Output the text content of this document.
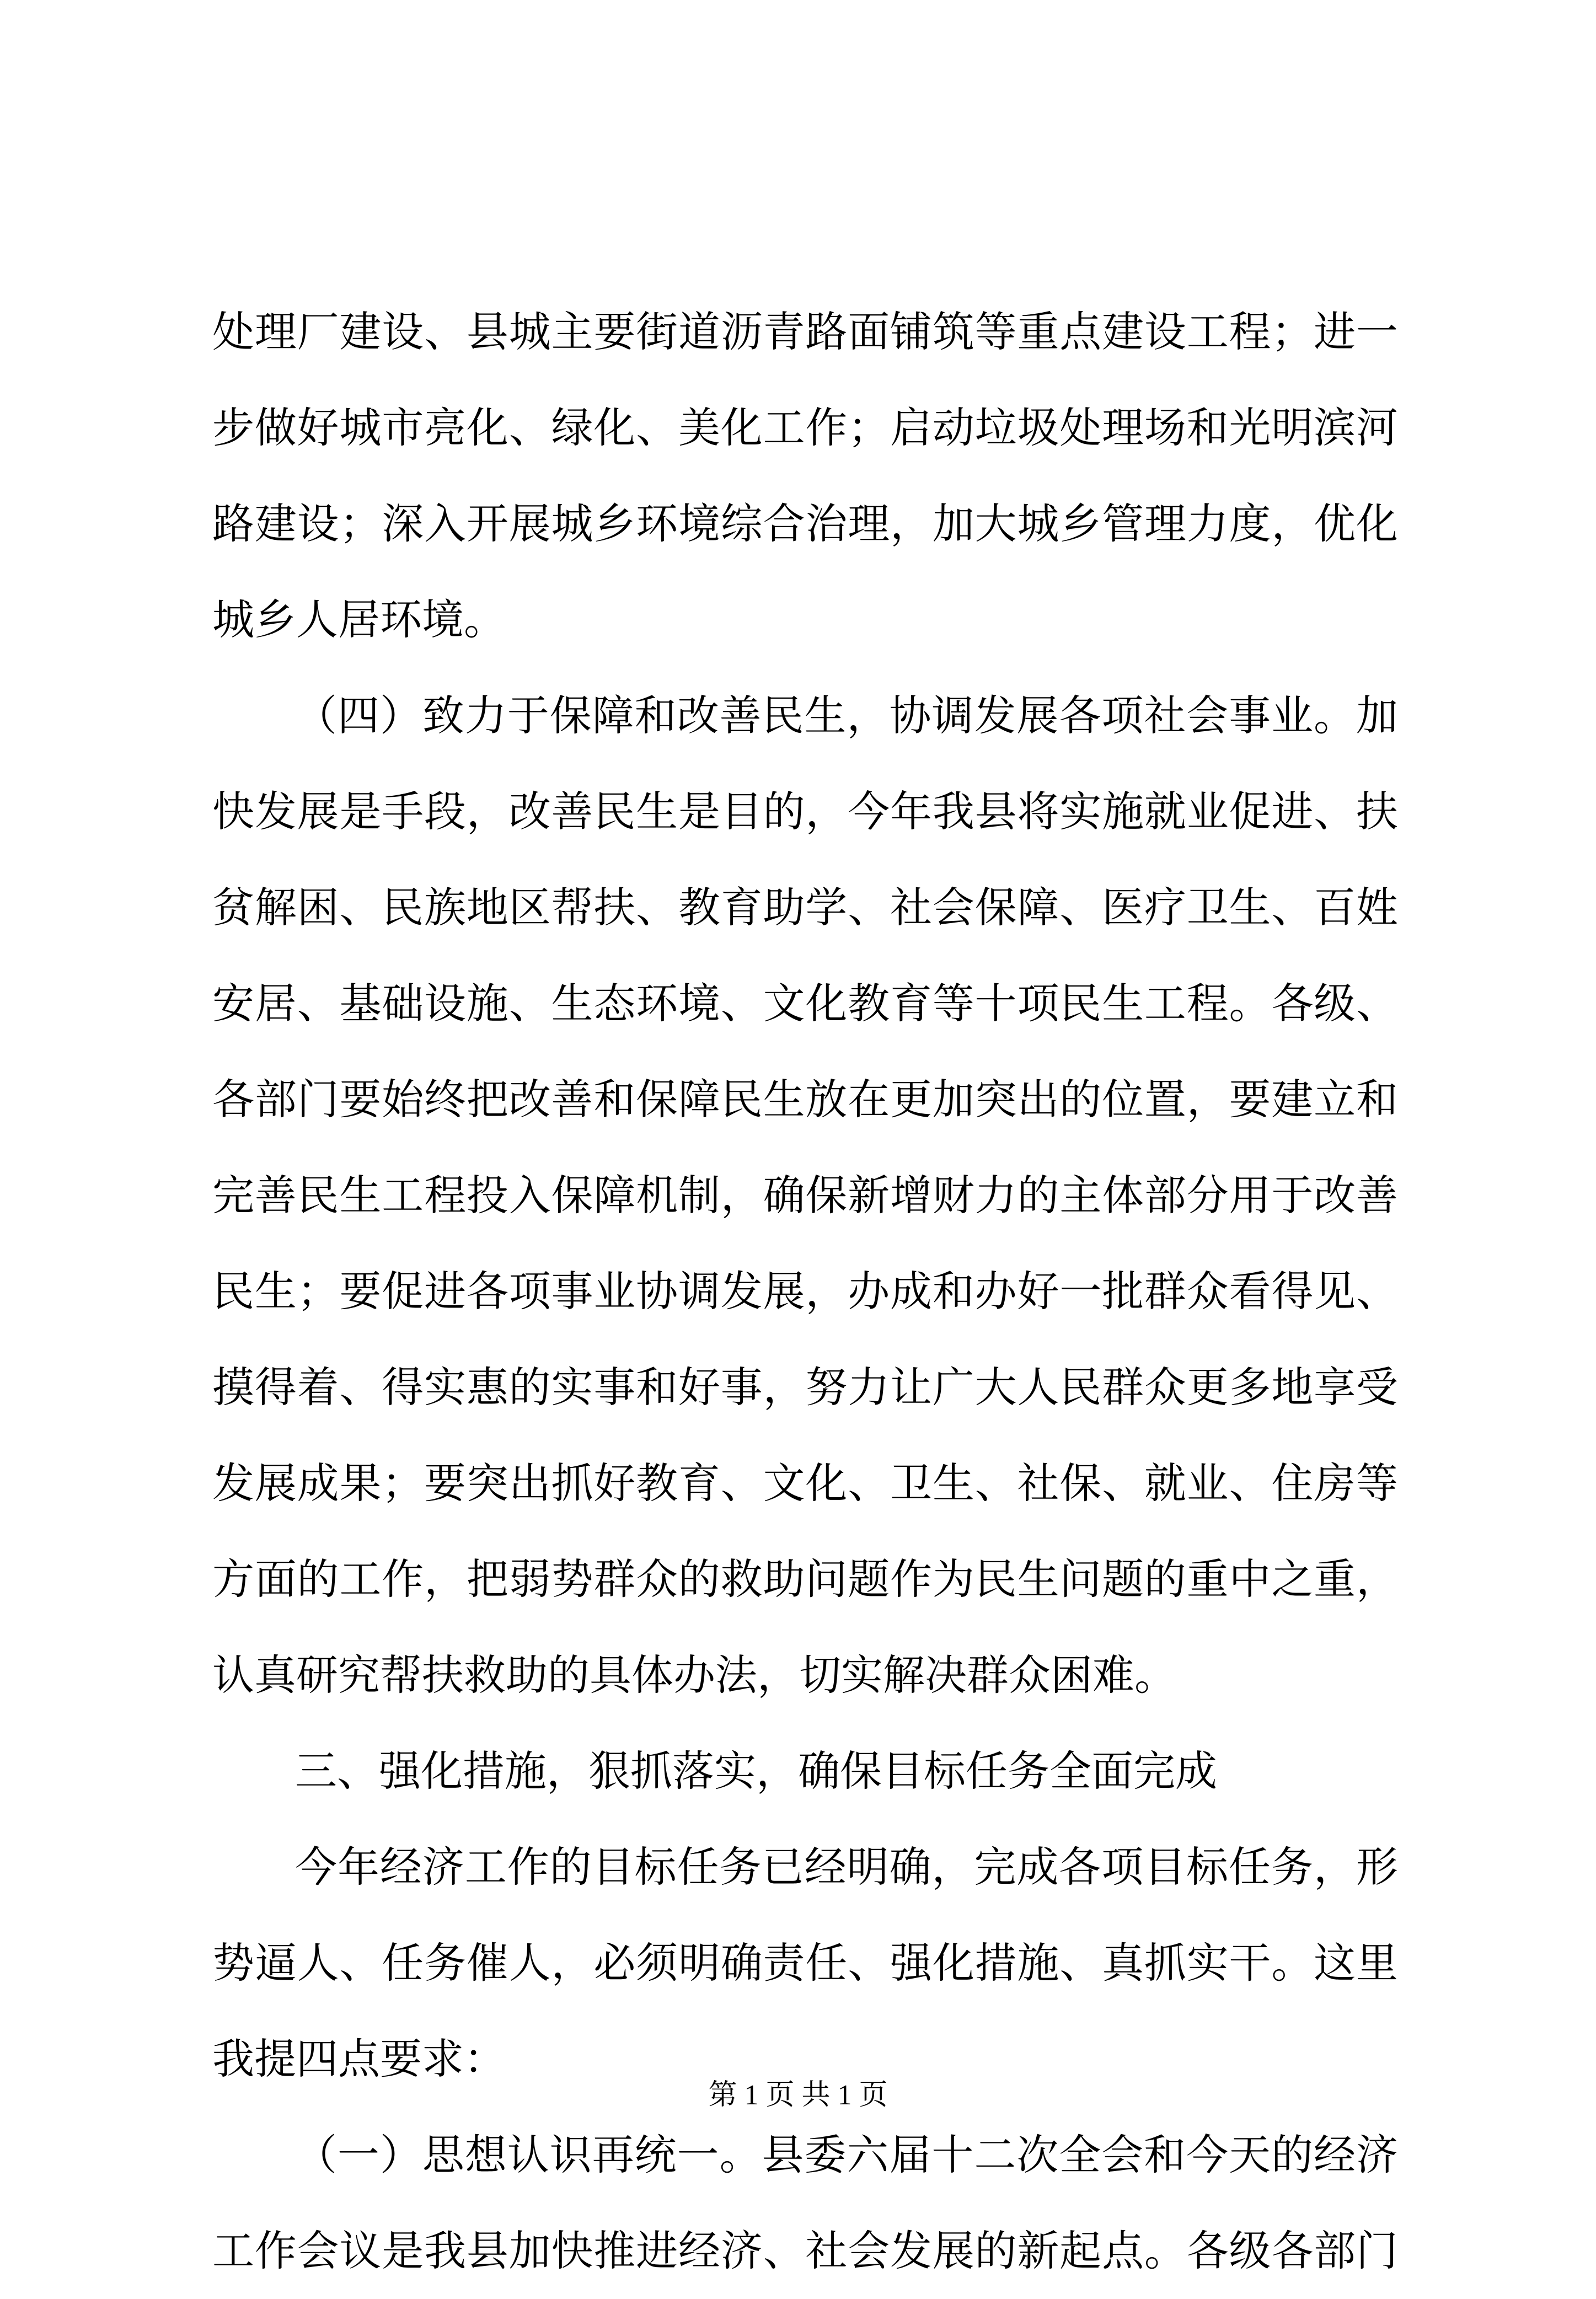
处理厂建设、县城主要街道沥青路面铺筑等重点建设工程；进一
步做好城市亮化、绿化、美化工作；启动垃圾处理场和光明滨河
路建设；深入开展城乡环境综合治理，加大城乡管理力度，优化
城乡人居环境。
（四）致力于保障和改善民生，协调发展各项社会事业。加
快发展是手段，改善民生是目的，今年我县将实施就业促进、扶
贫解困、民族地区帮扶、教育助学、社会保障、医疗卫生、百姓
安居、基础设施、生态环境、文化教育等十项民生工程。各级、
各部门要始终把改善和保障民生放在更加突出的位置，要建立和
完善民生工程投入保障机制，确保新增财力的主体部分用于改善
民生；要促进各项事业协调发展，办成和办好一批群众看得见、
摸得着、得实惠的实事和好事，努力让广大人民群众更多地享受
发展成果；要突出抓好教育、文化、卫生、社保、就业、住房等
方面的工作，把弱势群众的救助问题作为民生问题的重中之重，
认真研究帮扶救助的具体办法，切实解决群众困难。
三、强化措施，狠抓落实，确保目标任务全面完成
今年经济工作的目标任务已经明确，完成各项目标任务，形
势逼人、任务催人，必须明确责任、强化措施、真抓实干。这里
我提四点要求：
（一）思想认识再统一。县委六届十二次全会和今天的经济
工作会议是我县加快推进经济、社会发展的新起点。各级各部门
第 1 页 共 1 页
